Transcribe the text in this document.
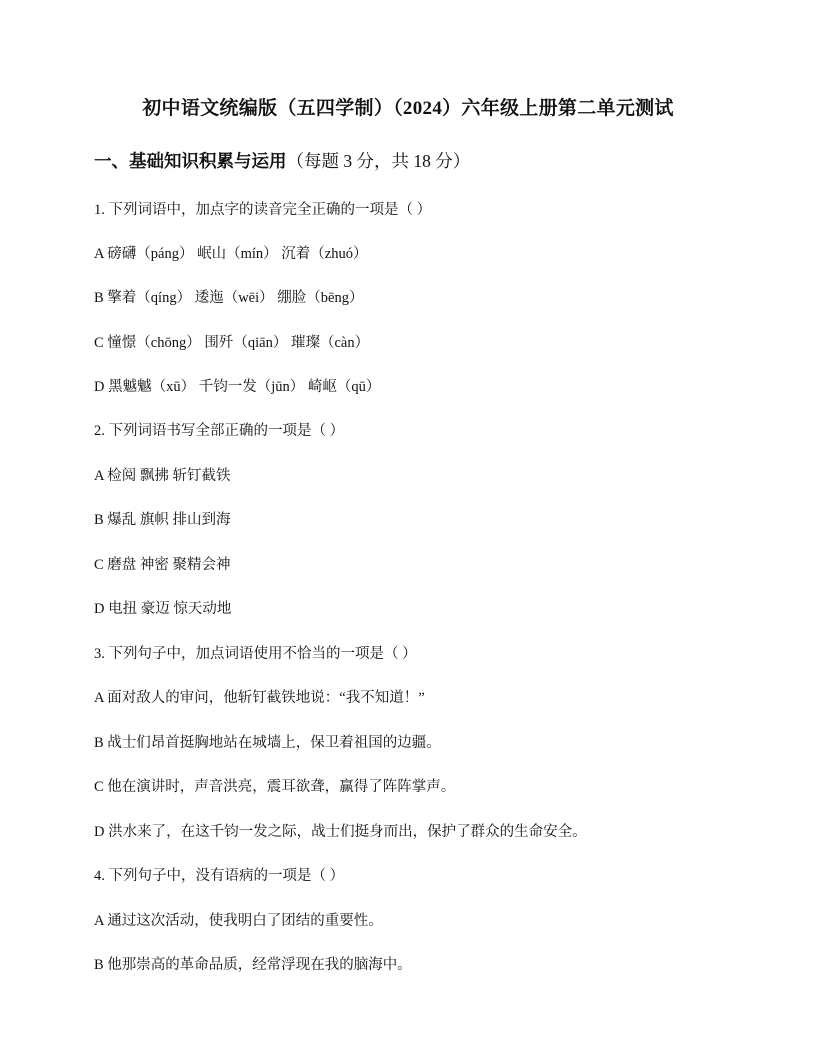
初中语文统编版（五四学制）（2024）六年级上册第二单元测试
一、基础知识积累与运用（每题 3 分，共 18 分）
1. 下列词语中，加点字的读音完全正确的一项是（ ）
A 磅礴（páng） 岷山（mín） 沉着（zhuó）
B 擎着（qíng） 逶迤（wēi） 绷脸（bēng）
C 憧憬（chōng） 围歼（qiān） 璀璨（càn）
D 黑魆魆（xū） 千钧一发（jūn） 崎岖（qū）
2. 下列词语书写全部正确的一项是（ ）
A 检阅 飘拂 斩钉截铁
B 爆乱 旗帜 排山到海
C 磨盘 神密 聚精会神
D 电扭 豪迈 惊天动地
3. 下列句子中，加点词语使用不恰当的一项是（ ）
A 面对敌人的审问，他斩钉截铁地说：“我不知道！”
B 战士们昂首挺胸地站在城墙上，保卫着祖国的边疆。
C 他在演讲时，声音洪亮，震耳欲聋，赢得了阵阵掌声。
D 洪水来了，在这千钧一发之际，战士们挺身而出，保护了群众的生命安全。
4. 下列句子中，没有语病的一项是（ ）
A 通过这次活动，使我明白了团结的重要性。
B 他那崇高的革命品质，经常浮现在我的脑海中。
